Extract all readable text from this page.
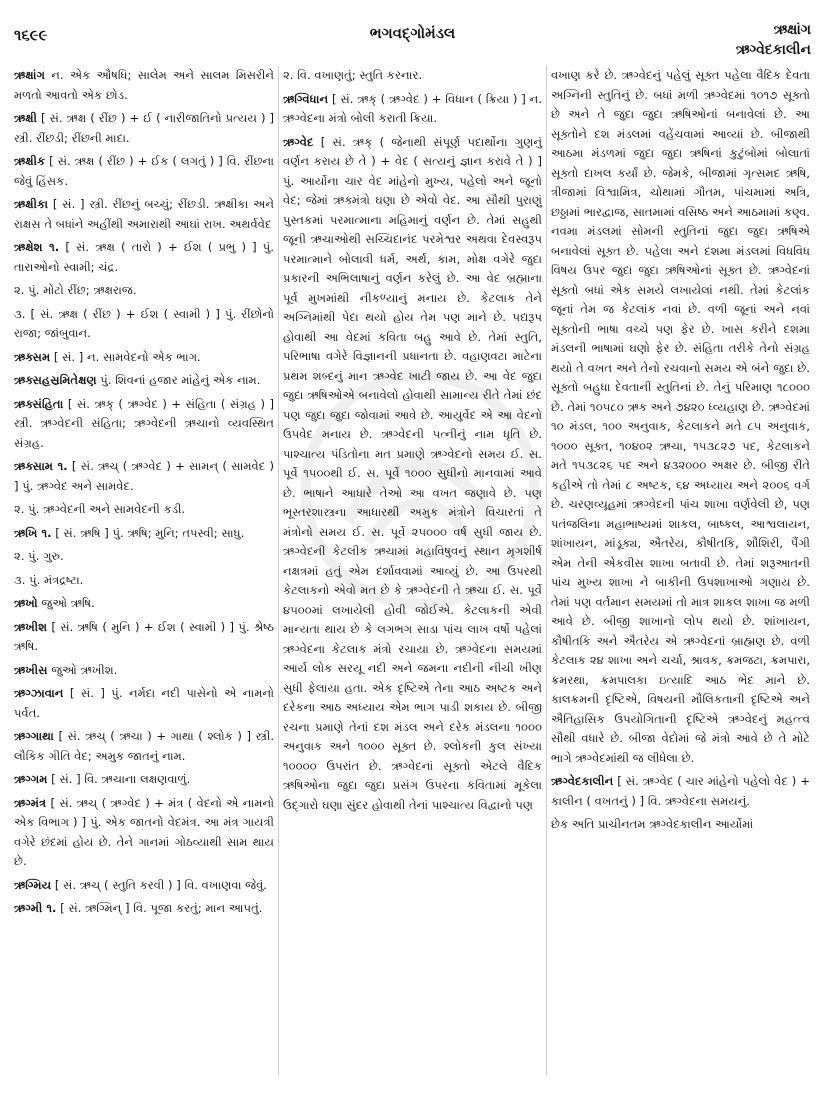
૧૬૯૯	ભગવદ્ગોમંડલ	ઋક્ષાંગ
ઋગ્વેદકાલીન

ઋક્ષાંગ ન. એક ઔષધિ; સાલેમ અને સાલમ મિસરીને મળતો આવતો એક છોડ.

ઋક્ષી [ સં. ઋક્ષ ( રીંછ ) + ઈ ( નારીજાતિનો પ્રત્યય ) ] સ્ત્રી. રીંછડી; રીંછની માદા.

ઋક્ષીક [ સં. ઋક્ષ ( રીંછ ) + ઈક ( લગતું ) ] વિ. રીંછના જેવું હિંસક.

ઋક્ષીકા [ સં. ] સ્ત્રી. રીંછનું બચ્ચું; રીંછડી. ઋક્ષીકા અને રાક્ષસ તે બધાંને અહીંથી અમારાથી આઘાં રાખ. અથર્વવેદ

ઋક્ષેશ ૧. [ સં. ઋક્ષ ( તારો ) + ઈશ ( પ્રભુ ) ] પું. તારાઓનો સ્વામી; ચંદ્ર.

૨. પું. મોટો રીંછ; ઋક્ષરાજ.

૩. [ સં. ઋક્ષ ( રીંછ ) + ઈશ ( સ્વામી ) ] પું. રીંછોનો રાજા; જાંબુવાન.

ઋક્સમ [ સં. ] ન. સામવેદનો એક ભાગ.

ઋક્સહસ્રમિતેક્ષણ પું. શિવનાં હજાર માંહેનું એક નામ.

ઋક્સંહિતા [ સં. ઋક્ ( ઋગ્વેદ ) + સંહિતા ( સંગ્રહ ) ] સ્ત્રી. ઋગ્વેદની સંહિતા; ઋગ્વેદની ઋચાનો વ્યવસ્થિત સંગ્રહ.

ઋક્સામ ૧. [ સં. ઋચ્ ( ઋગ્વેદ ) + સામન્ ( સામવેદ ) ] પું. ઋગ્વેદ અને સામવેદ.

૨. પું. ઋગ્વેદની અને સામવેદની કડી.

ઋખિ ૧. [ સં. ઋષિ ] પું. ઋષિ; મુનિ; તપસ્વી; સાધુ.

૨. પું. ગુરુ.

૩. પું. મંત્રદ્રષ્ટા.

ઋખો જુઓ ઋષિ.

ઋખીશ [ સં. ઋષિ ( મુનિ ) + ઈશ ( સ્વામી ) ] પું. શ્રેષ્ઠ ઋષિ.

ઋખીસ જુઓ ઋખીશ.

ઋગ્ઝાવાન [ સં. ] પું. નર્મદા નદી પાસેનો એ નામનો પર્વત.

ઋગ્ગાથા [ સં. ઋચ્ ( ઋચા ) + ગાથા ( શ્લોક ) ] સ્ત્રી. લૌકિક ગીતિ વેદ; અમુક જાતનું નામ.

ઋગ્ગમ [ સં. ] વિ. ઋચાના લક્ષણવાળું.

ઋગ્મંત્ર [ સં. ઋચ્ ( ઋગ્વેદ ) + મંત્ર ( વેદનો એ નામનો એક વિભાગ ) ] પું. એક જાતનો વેદમંત્ર. આ મંત્ર ગાયત્રી વગેરે છંદમાં હોય છે. તેને ગાનમાં ગોઠવ્યાથી સામ થાય છે.

ઋગ્મિય [ સં. ઋચ્ ( સ્તુતિ કરવી ) ] વિ. વખાણવા જેવું.

ઋગ્મી ૧. [ સં. ઋગ્મિન્ ] વિ. પૂજા કરતું; માન આપતું.

૨. વિ. વખાણતું; સ્તુતિ કરનાર.

ઋગ્વિધાન [ સં. ઋક્ ( ઋગ્વેદ ) + વિધાન ( ક્રિયા ) ] ન. ઋગ્વેદના મંત્રો બોલી કરાતી ક્રિયા.

ઋગ્વેદ [ સં. ઋક્ ( જેનાથી સંપૂર્ણ પદાર્થોના ગુણનું વર્ણન કરાય છે તે ) + વેદ ( સત્યનું જ્ઞાન કરાવે તે ) ] પું. આર્યોના ચાર વેદ માંહેનો મુખ્ય, પહેલો અને જૂનો વેદ; જેમાં ઋક્મંત્રો ઘણા છે એવો વેદ. આ સૌથી પુરાણું પુસ્તકમાં પરમાત્માના મહિમાનું વર્ણન છે. તેમાં સહુથી જૂની ઋચાઓથી સચ્ચિદાનંદ પરમેશ્વર અથવા દેવસ્વરૂપ પરમાત્માને બોલાવી ધર્મ, અર્થ, કામ, મોક્ષ વગેરે જુદા પ્રકારની અભિલાષાનું વર્ણન કરેલું છે. આ વેદ બ્રહ્માના પૂર્વ મુખમાંથી નીકળ્યાનું મનાય છે. કેટલાક તેને અગ્નિમાંથી પેદા થયો હોય તેમ પણ માને છે. પદ્યરૂપ હોવાથી આ વેદમાં કવિતા બહુ આવે છે. તેમાં સ્તુતિ, પરિભાષા વગેરે વિજ્ઞાનની પ્રધાનતા છે. વહાણવટા માટેના પ્રથમ શબ્દનું માન ઋગ્વેદ ખાટી જાય છે. આ વેદ જુદા જુદા ઋષિઓએ બનાવેલો હોવાથી સામાન્ય રીતે તેમાં છંદ પણ જુદા જુદા જોવામાં આવે છે. આયુર્વેદ એ આ વેદનો ઉપવેદ મનાય છે. ઋગ્વેદની પત્નીનું નામ ધૃતિ છે. પાશ્ચાત્ય પંડિતોના મત પ્રમાણે ઋગ્વેદનો સમય ઈ. સ. પૂર્વે ૧૫૦૦થી ઈ. સ. પૂર્વે ૧૦૦૦ સુધીનો માનવામાં આવે છે. ભાષાને આધારે તેઓ આ વખત જણાવે છે. પણ ભૂસ્તરશાસ્ત્રના આધારથી અમુક મંત્રોને વિચારતાં તે મંત્રોનો સમય ઈ. સ. પૂર્વે ૨૫૦૦૦ વર્ષ સુધી જાય છે. ઋગ્વેદની કેટલીક ઋચામાં મહાવિષુવનું સ્થાન મૃગશીર્ષ નક્ષત્રમાં હતું એમ દર્શાવવામાં આવ્યું છે. આ ઉપરથી કેટલાકનો એવો મત છે કે ઋગ્વેદની તે ઋચા ઈ. સ. પૂર્વે ૪૫૦૦માં લખાયેલી હોવી જોઈએ. કેટલાકની એવી માન્યતા થાય છે કે લગભગ સાડા પાંચ લાખ વર્ષો પહેલાં ઋગ્વેદના કેટલાક મંત્રો રચાયા છે. ઋગ્વેદના સમયમાં આર્ય લોક સરયૂ નદી અને જમના નદીની નીચી ખીણ સુધી ફેલાયા હતા. એક દૃષ્ટિએ તેના આઠ અષ્ટક અને દરેકના આઠ અધ્યાય એમ ભાગ પાડી શકાય છે. બીજી રચના પ્રમાણે તેનાં દશ મંડલ અને દરેક મંડલના ૧૦૦૦ અનુવાક અને ૧૦૦૦ સૂક્ત છે. શ્લોકની કુલ સંખ્યા ૧૦૦૦૦ ઉપરાંત છે. ઋગ્વેદનાં સૂક્તો એટલે વૈદિક ઋષિઓના જુદા જુદા પ્રસંગ ઉપરના કવિતામાં મૂકેલા ઉદ્ગારો ઘણા સુંદર હોવાથી તેનાં પાશ્ચાત્ય વિદ્વાનો પણ

વખાણ કરે છે. ઋગ્વેદનું પહેલું સૂક્ત પહેલા વૈદિક દેવતા અગ્નિની સ્તુતિનું છે. બધાં મળી ઋગ્વેદમાં ૧૦૧૭ સૂક્તો છે અને તે જુદા જુદા ઋષિઓનાં બનાવેલાં છે. આ સૂક્તોને દશ મંડલમાં વહેંચવામાં આવ્યાં છે. બીજાથી આઠમા મંડળમાં જુદા જુદા ઋષિનાં કુટુંબોમાં બોલાતાં સૂક્તો દાખલ કર્યાં છે. જેમકે, બીજામાં ગૃત્સમદ ઋષિ, ત્રીજામાં વિશ્વામિત્ર, ચોથામાં ગૌતમ, પાંચમામાં અત્રિ, છઠ્ઠામાં ભારદ્વાજ, સાતમામાં વસિષ્ઠ અને આઠમામાં કણ્વ. નવમા મંડલમાં સોમની સ્તુતિનાં જુદા જુદા ઋષિએ બનાવેલાં સૂક્ત છે. પહેલા અને દશમા મંડલમાં વિધવિધ વિષય ઉપર જુદા જુદા ઋષિઓનાં સૂક્ત છે. ઋગ્વેદનાં સૂક્તો બધાં એક સમયે લખાયેલાં નથી. તેમાં કેટલાંક જૂનાં તેમ જ કેટલાંક નવાં છે. વળી જૂનાં અને નવાં સૂક્તોની ભાષા વચ્ચે પણ ફેર છે. ખાસ કરીને દશમા મંડલની ભાષામાં ઘણો ફેર છે. સંહિતા તરીકે તેનો સંગ્રહ થયો તે વખત અને તેનો રચવાનો સમય એ બંને જુદા છે. સૂક્તો બહુધા દેવતાની સ્તુતિનાં છે. તેનું પરિમાણ ૧૮૦૦૦ છે. તેમાં ૧૦૫૮૦ ઋક અને ૭૪૨૦ ધ્વ્યહાણ છે. ઋગ્વેદમાં ૧૦ મંડલ, ૧૦૦ અનુવાક, કેટલાકને મતે ૮૫ અનુવાક, ૧૦૦૦ સૂક્ત, ૧૦૪૦૨ ઋચા, ૧૫૩૮૨૭ પદ, કેટલાકને મતે ૧૫૩૮૨૬ પદ અને ૪૩૨૦૦૦ અક્ષર છે. બીજી રીતે કહીએ તો તેમાં ૮ અષ્ટક, ૬૪ અધ્યાય અને ૨૦૦૬ વર્ગ છે. ચરણવ્યૂહમાં ઋગ્વેદની પાંચ શાખા વર્ણવેલી છે, પણ પતંજલિના મહાભાષ્યમાં શાકલ, બાષ્કલ, આશ્વલાયન, શાંખાયન, માંડૂક્ય, ઐતરેય, કૌષીતકિ, શૌશિરી, પૈંગી એમ તેની એકવીસ શાખા બતાવી છે. તેમાં શરૂઆતની પાંચ મુખ્ય શાખા ને બાકીની ઉપશાખાઓ ગણાય છે. તેમાં પણ વર્તમાન સમયમાં તો માત્ર શાકલ શાખા જ મળી આવે છે. બીજી શાખાનો લોપ થયો છે. શાંખાયન, કૌષીતકિ અને ઐતરેય એ ઋગ્વેદનાં બ્રાહ્મણ છે. વળી કેટલાક ૨૪ શાખા અને ચર્ચા, શ્રાવક, ક્રમજટા, ક્રમપારા, ક્રમરથા, ક્રમપાલકા ઇત્યાદિ આઠ ભેદ માને છે. કાલક્રમની દૃષ્ટિએ, વિષયની મૌલિકતાની દૃષ્ટિએ અને ઐતિહાસિક ઉપયોગિતાની દૃષ્ટિએ ઋગ્વેદનું મહત્ત્વ સૌથી વધારે છે. બીજા વેદોમાં જે મંત્રો આવે છે તે મોટે ભાગે ઋગ્વેદમાંથી જ લીધેલા છે.

ઋગ્વેદકાલીન [ સં. ઋગ્વેદ ( ચાર માંહેનો પહેલો વેદ ) + કાલીન ( વખતનું ) ] વિ. ઋગ્વેદના સમયનું.

છેક અતિ પ્રાચીનતમ ઋગ્વેદકાલીન આર્યોમાં
